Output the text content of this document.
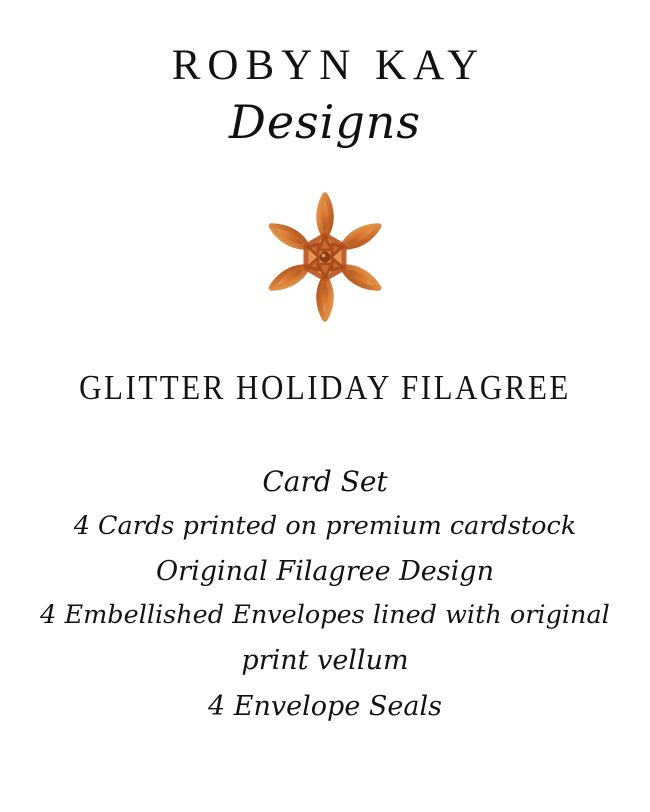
ROBYN KAY
Designs
GLITTER HOLIDAY FILAGREE
Card Set
4 Cards printed on premium cardstock
Original Filagree Design
4 Embellished Envelopes lined with original
print vellum
4 Envelope Seals
